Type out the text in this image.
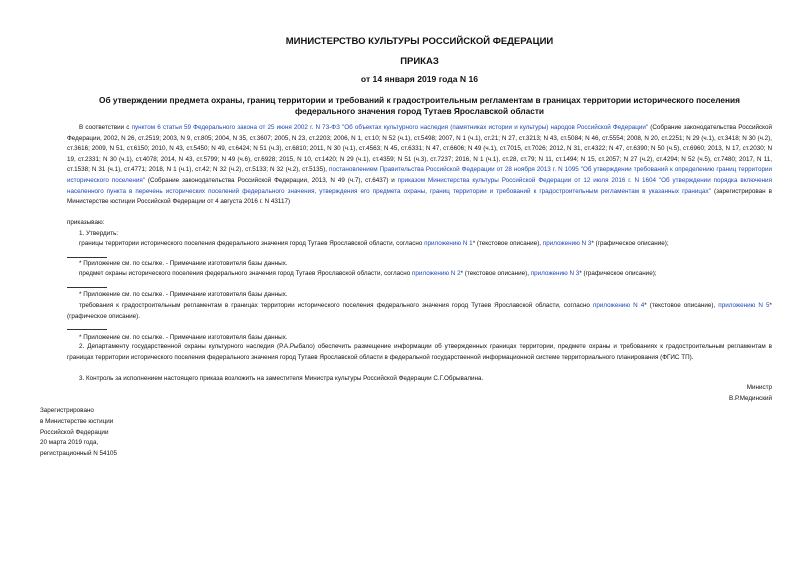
МИНИСТЕРСТВО КУЛЬТУРЫ РОССИЙСКОЙ ФЕДЕРАЦИИ
ПРИКАЗ
от 14 января 2019 года N 16
Об утверждении предмета охраны, границ территории и требований к градостроительным регламентам в границах территории исторического поселения
федерального значения город Тутаев Ярославской области
В соответствии с пунктом 6 статьи 59 Федерального закона от 25 июня 2002 г. N 73-ФЗ "Об объектах культурного наследия (памятниках истории и культуры) народов Российской Федерации" (Собрание законодательства Российской Федерации, 2002, N 26, ст.2519; 2003, N 9, ст.805; 2004, N 35, ст.3607; 2005, N 23, ст.2203; 2006, N 1, ст.10; N 52 (ч.1), ст.5498; 2007, N 1 (ч.1), ст.21; N 27, ст.3213; N 43, ст.5084; N 46, ст.5554; 2008, N 20, ст.2251; N 29 (ч.1), ст.3418; N 30 (ч.2), ст.3616; 2009, N 51, ст.6150; 2010, N 43, ст.5450; N 49, ст.6424; N 51 (ч.3), ст.6810; 2011, N 30 (ч.1), ст.4563; N 45, ст.6331; N 47, ст.6606; N 49 (ч.1), ст.7015, ст.7026; 2012, N 31, ст.4322; N 47, ст.6390; N 50 (ч.5), ст.6960; 2013, N 17, ст.2030; N 19, ст.2331; N 30 (ч.1), ст.4078; 2014, N 43, ст.5799; N 49 (ч.6), ст.6928; 2015, N 10, ст.1420; N 29 (ч.1), ст.4359; N 51 (ч.3), ст.7237; 2016, N 1 (ч.1), ст.28, ст.79; N 11, ст.1494; N 15, ст.2057; N 27 (ч.2), ст.4294; N 52 (ч.5), ст.7480; 2017, N 11, ст.1538; N 31 (ч.1), ст.4771; 2018, N 1 (ч.1), ст.42; N 32 (ч.2), ст.5133; N 32 (ч.2), ст.5135), постановлением Правительства Российской Федерации от 28 ноября 2013 г. N 1095 "Об утверждении требований к определению границ территории исторического поселения" (Собрание законодательства Российской Федерации, 2013, N 49 (ч.7), ст.6437) и приказом Министерства культуры Российской Федерации от 12 июля 2016 г. N 1604 "Об утверждении порядка включения населенного пункта в перечень исторических поселений федерального значения, утверждения его предмета охраны, границ территории и требований к градостроительным регламентам в указанных границах" (зарегистрирован в Министерстве юстиции Российской Федерации от 4 августа 2016 г. N 43117)
приказываю:
1. Утвердить:
границы территории исторического поселения федерального значения город Тутаев Ярославской области, согласно приложению N 1* (текстовое описание), приложению N 3* (графическое описание);
* Приложение см. по ссылке. - Примечание изготовителя базы данных.
предмет охраны исторического поселения федерального значения город Тутаев Ярославской области, согласно приложению N 2* (текстовое описание), приложению N 3* (графическое описание);
* Приложение см. по ссылке. - Примечание изготовителя базы данных.
требования к градостроительным регламентам в границах территории исторического поселения федерального значения город Тутаев Ярославской области, согласно приложению N 4* (текстовое описание), приложению N 5* (графическое описание).
* Приложение см. по ссылке. - Примечание изготовителя базы данных.
2. Департаменту государственной охраны культурного наследия (Р.А.Рыбало) обеспечить размещение информации об утвержденных границах территории, предмете охраны и требованиях к градостроительным регламентам в границах территории исторического поселения федерального значения город Тутаев Ярославской области в федеральной государственной информационной системе территориального планирования (ФГИС ТП).
3. Контроль за исполнением настоящего приказа возложить на заместителя Министра культуры Российской Федерации С.Г.Обрывалина.
Министр
В.Р.Мединский
Зарегистрировано
в Министерстве юстиции
Российской Федерации
20 марта 2019 года,
регистрационный N 54105
